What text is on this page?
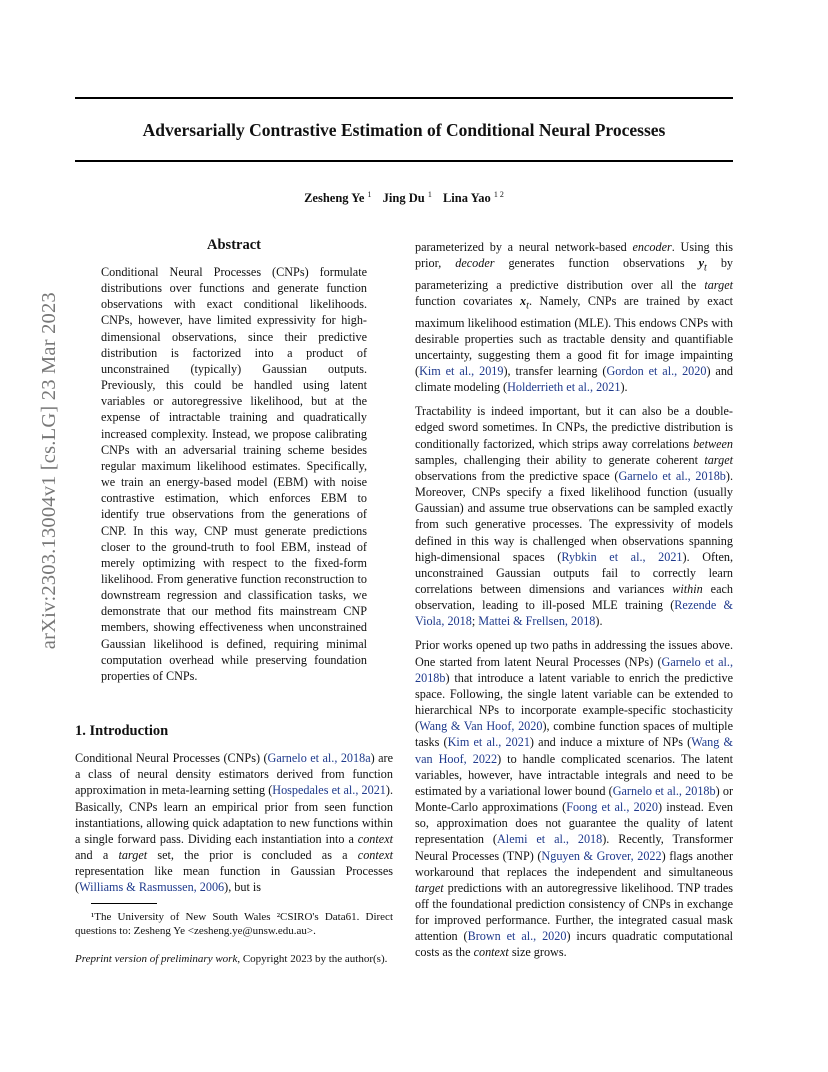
arXiv:2303.13004v1 [cs.LG] 23 Mar 2023
Adversarially Contrastive Estimation of Conditional Neural Processes
Zesheng Ye $^1$ Jing Du $^1$ Lina Yao $^{1 2}$
Abstract
Conditional Neural Processes (CNPs) formulate distributions over functions and generate function observations with exact conditional likelihoods. CNPs, however, have limited expressivity for high-dimensional observations, since their predictive distribution is factorized into a product of unconstrained (typically) Gaussian outputs. Previously, this could be handled using latent variables or autoregressive likelihood, but at the expense of intractable training and quadratically increased complexity. Instead, we propose calibrating CNPs with an adversarial training scheme besides regular maximum likelihood estimates. Specifically, we train an energy-based model (EBM) with noise contrastive estimation, which enforces EBM to identify true observations from the generations of CNP. In this way, CNP must generate predictions closer to the ground-truth to fool EBM, instead of merely optimizing with respect to the fixed-form likelihood. From generative function reconstruction to downstream regression and classification tasks, we demonstrate that our method fits mainstream CNP members, showing effectiveness when unconstrained Gaussian likelihood is defined, requiring minimal computation overhead while preserving foundation properties of CNPs.
1. Introduction

Conditional Neural Processes (CNPs) (Garnelo et al., 2018a) are a class of neural density estimators derived from function approximation in meta-learning setting (Hospedales et al., 2021). Basically, CNPs learn an empirical prior from seen function instantiations, allowing quick adaptation to new functions within a single forward pass. Dividing each instantiation into a context and a target set, the prior is concluded as a context representation like mean function in Gaussian Processes (Williams & Rasmussen, 2006), but is

¹The University of New South Wales ²CSIRO's Data61. Direct questions to: Zesheng Ye <zesheng.ye@unsw.edu.au>.
Preprint version of preliminary work, Copyright 2023 by the author(s).

parameterized by a neural network-based encoder. Using this prior, decoder generates function observations $y_t$ by parameterizing a predictive distribution over all the target function covariates $x_t$. Namely, CNPs are trained by exact maximum likelihood estimation (MLE). This endows CNPs with desirable properties such as tractable density and quantifiable uncertainty, suggesting them a good fit for image impainting (Kim et al., 2019), transfer learning (Gordon et al., 2020) and climate modeling (Holderrieth et al., 2021).

Tractability is indeed important, but it can also be a double-edged sword sometimes. In CNPs, the predictive distribution is conditionally factorized, which strips away correlations between samples, challenging their ability to generate coherent target observations from the predictive space (Garnelo et al., 2018b). Moreover, CNPs specify a fixed likelihood function (usually Gaussian) and assume true observations can be sampled exactly from such generative processes. The expressivity of models defined in this way is challenged when observations spanning high-dimensional spaces (Rybkin et al., 2021). Often, unconstrained Gaussian outputs fail to correctly learn correlations between dimensions and variances within each observation, leading to ill-posed MLE training (Rezende & Viola, 2018; Mattei & Frellsen, 2018).

Prior works opened up two paths in addressing the issues above. One started from latent Neural Processes (NPs) (Garnelo et al., 2018b) that introduce a latent variable to enrich the predictive space. Following, the single latent variable can be extended to hierarchical NPs to incorporate example-specific stochasticity (Wang & Van Hoof, 2020), combine function spaces of multiple tasks (Kim et al., 2021) and induce a mixture of NPs (Wang & van Hoof, 2022) to handle complicated scenarios. The latent variables, however, have intractable integrals and need to be estimated by a variational lower bound (Garnelo et al., 2018b) or Monte-Carlo approximations (Foong et al., 2020) instead. Even so, approximation does not guarantee the quality of latent representation (Alemi et al., 2018). Recently, Transformer Neural Processes (TNP) (Nguyen & Grover, 2022) flags another workaround that replaces the independent and simultaneous target predictions with an autoregressive likelihood. TNP trades off the foundational prediction consistency of CNPs in exchange for improved performance. Further, the integrated casual mask attention (Brown et al., 2020) incurs quadratic computational costs as the context size grows.
